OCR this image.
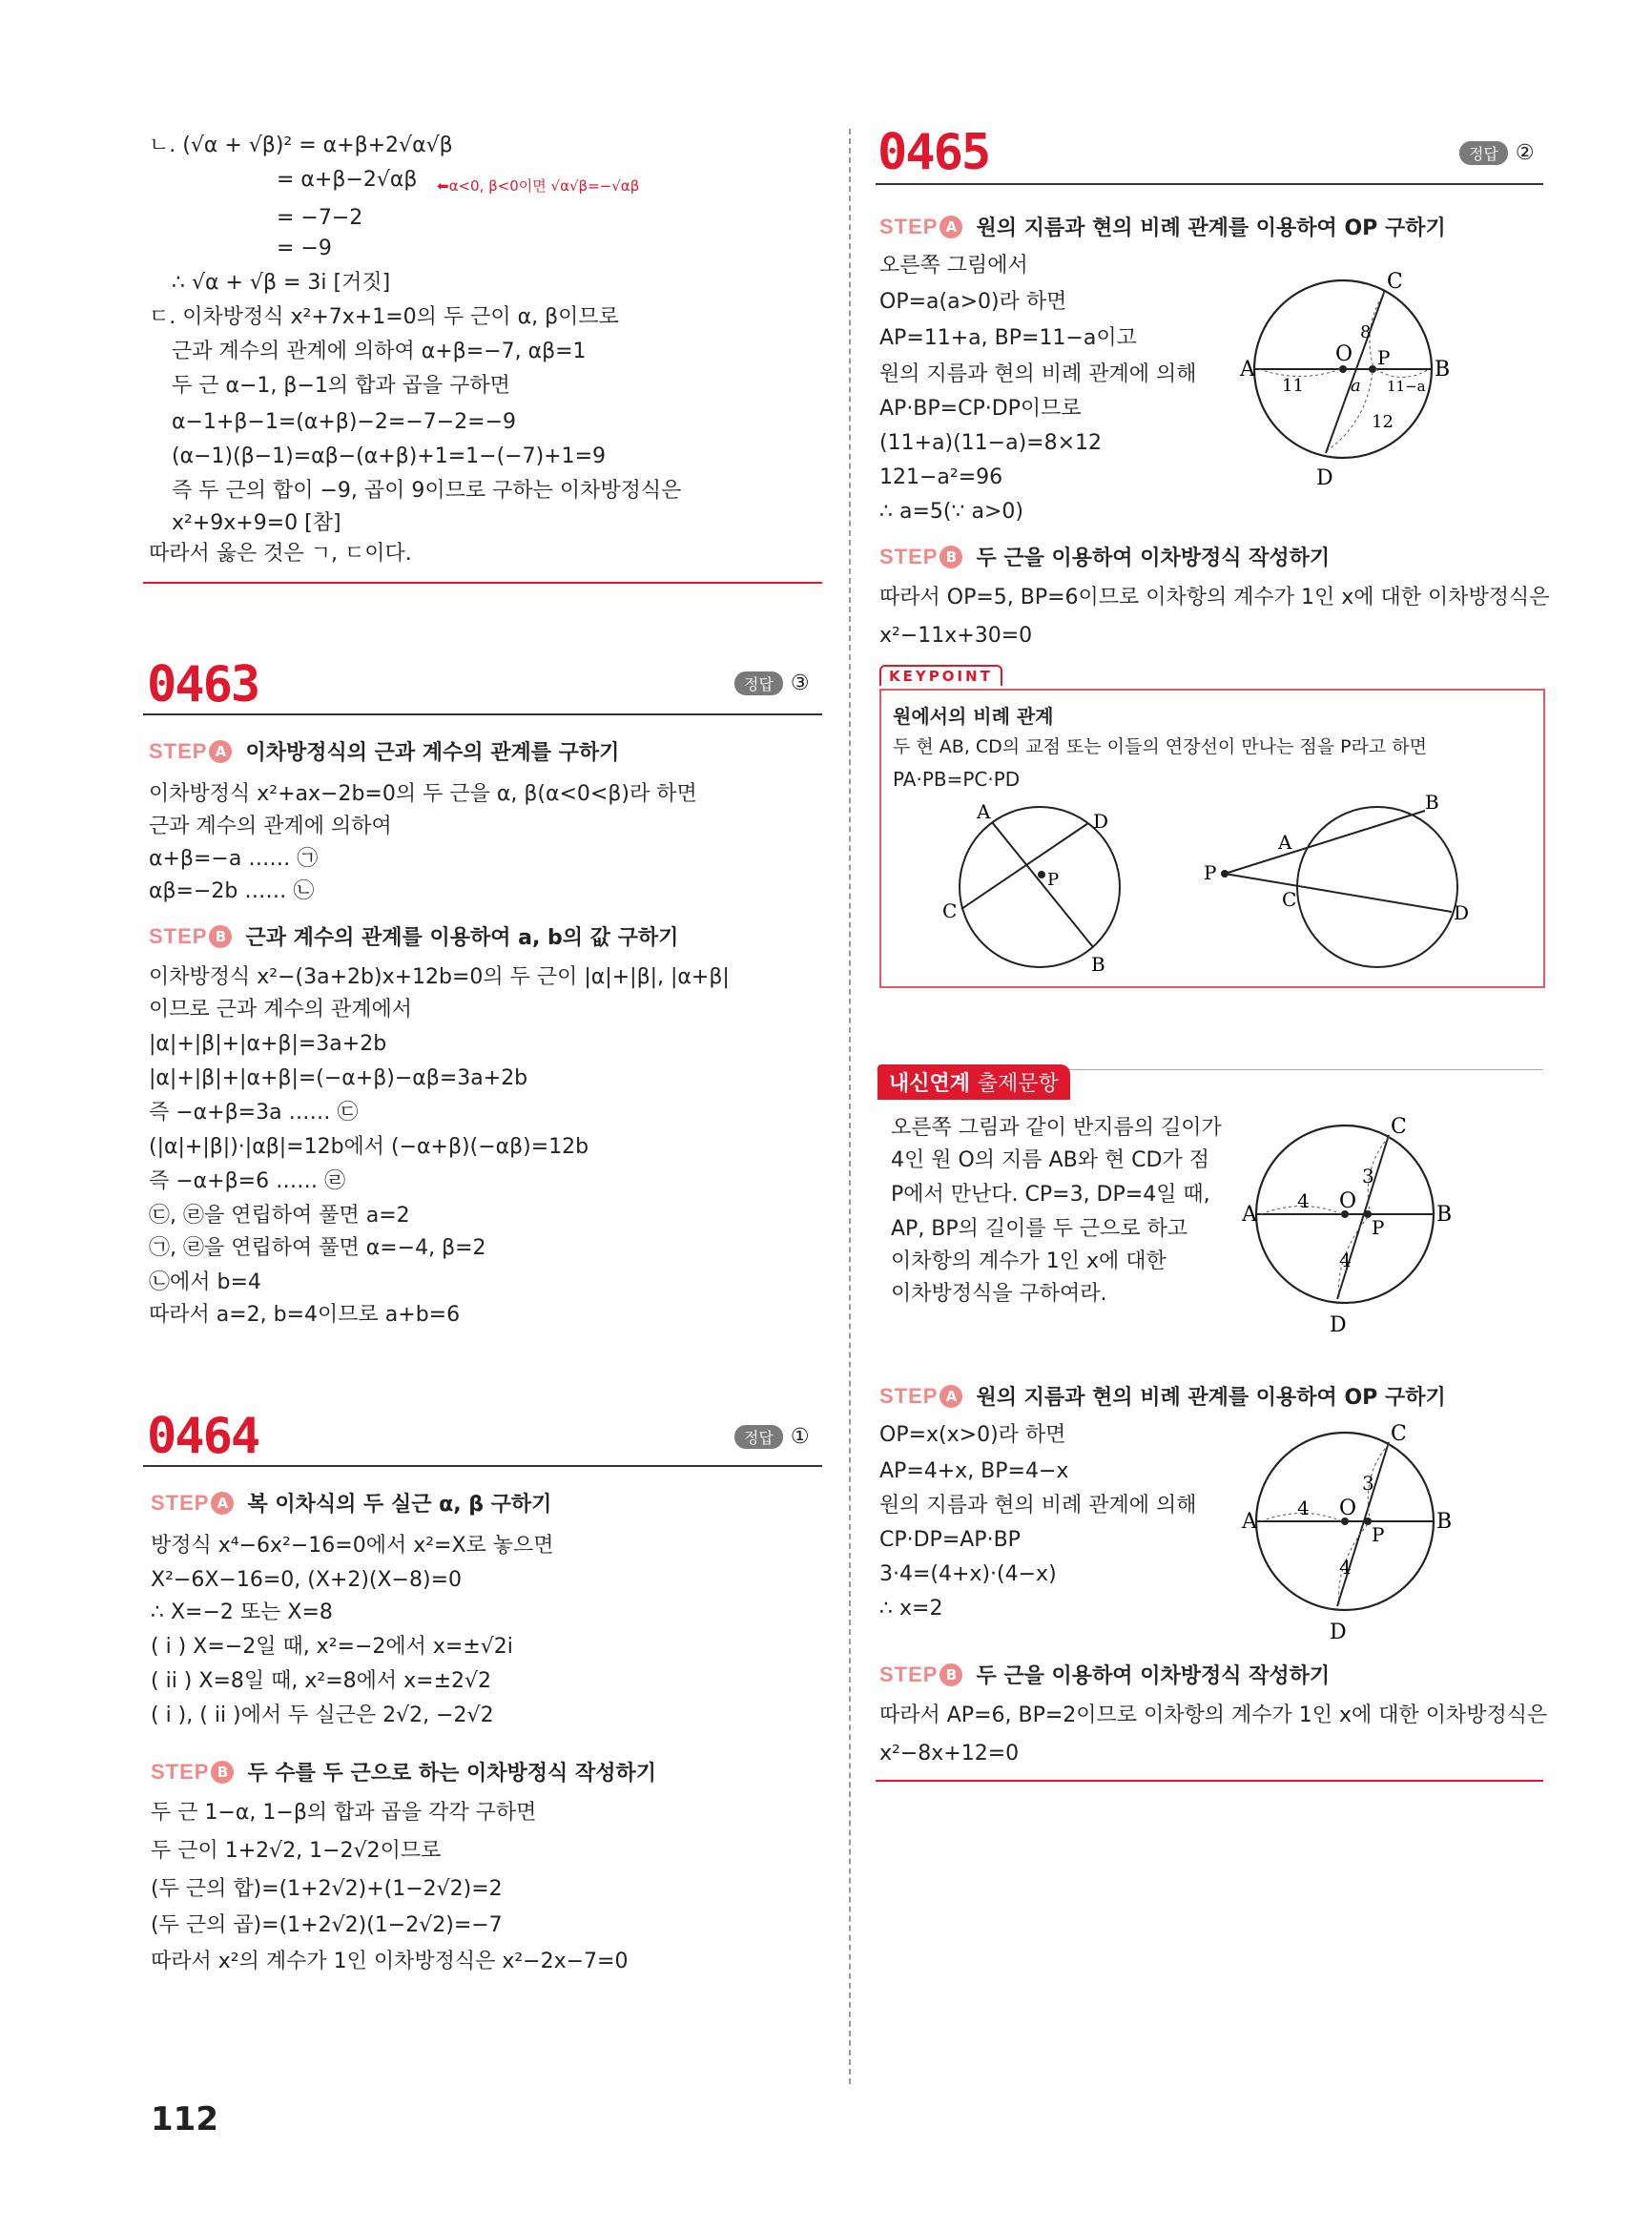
ㄴ. (√α + √β)² = α+β+2√α√β
= α+β−2√αβ ⬅α<0, β<0이면 √α√β=−√αβ
= −7−2
= −9
∴ √α + √β = 3i [거짓]
ㄷ. 이차방정식 x²+7x+1=0의 두 근이 α, β이므로
근과 계수의 관계에 의하여 α+β=−7, αβ=1
두 근 α−1, β−1의 합과 곱을 구하면
α−1+β−1=(α+β)−2=−7−2=−9
(α−1)(β−1)=αβ−(α+β)+1=1−(−7)+1=9
즉 두 근의 합이 −9, 곱이 9이므로 구하는 이차방정식은
x²+9x+9=0 [참]
따라서 옳은 것은 ㄱ, ㄷ이다.
0463	정답 ③
STEP A 이차방정식의 근과 계수의 관계를 구하기
이차방정식 x²+ax−2b=0의 두 근을 α, β(α<0<β)라 하면
근과 계수의 관계에 의하여
α+β=−a …… ㉠
αβ=−2b …… ㉡
STEP B 근과 계수의 관계를 이용하여 a, b의 값 구하기
이차방정식 x²−(3a+2b)x+12b=0의 두 근이 |α|+|β|, |α+β|
이므로 근과 계수의 관계에서
|α|+|β|+|α+β|=3a+2b
|α|+|β|+|α+β|=(−α+β)−αβ=3a+2b
즉 −α+β=3a …… ㉢
(|α|+|β|)·|αβ|=12b에서 (−α+β)(−αβ)=12b
즉 −α+β=6 …… ㉣
㉢, ㉣을 연립하여 풀면 a=2
㉠, ㉣을 연립하여 풀면 α=−4, β=2
㉡에서 b=4
따라서 a=2, b=4이므로 a+b=6
0464	정답 ①
STEP A 복 이차식의 두 실근 α, β 구하기
방정식 x⁴−6x²−16=0에서 x²=X로 놓으면
X²−6X−16=0, (X+2)(X−8)=0
∴ X=−2 또는 X=8
( i ) X=−2일 때, x²=−2에서 x=±√2i
( ii ) X=8일 때, x²=8에서 x=±2√2
( i ), ( ii )에서 두 실근은 2√2, −2√2
STEP B 두 수를 두 근으로 하는 이차방정식 작성하기
두 근 1−α, 1−β의 합과 곱을 각각 구하면
두 근이 1+2√2, 1−2√2이므로
(두 근의 합)=(1+2√2)+(1−2√2)=2
(두 근의 곱)=(1+2√2)(1−2√2)=−7
따라서 x²의 계수가 1인 이차방정식은 x²−2x−7=0
0465	정답 ②
STEP A 원의 지름과 현의 비례 관계를 이용하여 OP 구하기
오른쪽 그림에서
OP=a(a>0)라 하면
AP=11+a, BP=11−a이고
원의 지름과 현의 비례 관계에 의해
AP·BP=CP·DP이므로
(11+a)(11−a)=8×12
121−a²=96
∴ a=5(∵ a>0)
A	B
C
D
O P
a
11	11−a
8
12
STEP B 두 근을 이용하여 이차방정식 작성하기
따라서 OP=5, BP=6이므로 이차항의 계수가 1인 x에 대한 이차방정식은
x²−11x+30=0
KEYPOINT
원에서의 비례 관계
두 현 AB, CD의 교점 또는 이들의 연장선이 만나는 점을 P라고 하면
PA·PB=PC·PD
A	D
C
B
P	P
A
B
C
D
내신연계 출제문항
오른쪽 그림과 같이 반지름의 길이가
4인 원 O의 지름 AB와 현 CD가 점
P에서 만난다. CP=3, DP=4일 때,
AP, BP의 길이를 두 근으로 하고
이차항의 계수가 1인 x에 대한
이차방정식을 구하여라.
A	B
C
D
O
P
4
3
4
STEP A 원의 지름과 현의 비례 관계를 이용하여 OP 구하기
OP=x(x>0)라 하면
AP=4+x, BP=4−x
원의 지름과 현의 비례 관계에 의해
CP·DP=AP·BP
3·4=(4+x)·(4−x)
∴ x=2
A	B
C
D
O
P
4
3
4
STEP B 두 근을 이용하여 이차방정식 작성하기
따라서 AP=6, BP=2이므로 이차항의 계수가 1인 x에 대한 이차방정식은
x²−8x+12=0
112
